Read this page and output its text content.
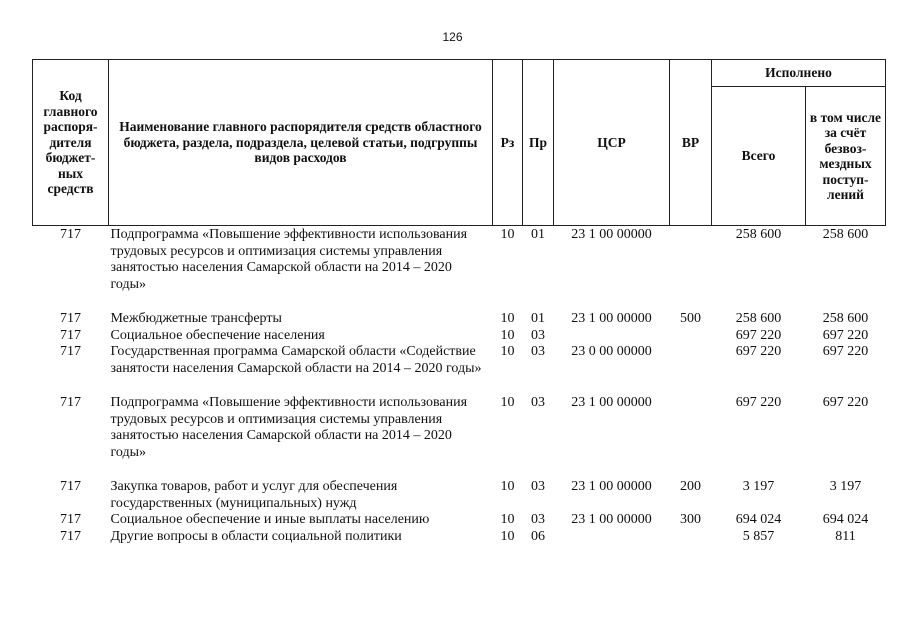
126
Код главного распоря-дителя бюджет-ных средств	Наименование главного распорядителя средств областного бюджета, раздела, подраздела, целевой статьи, подгруппы видов расходов	Рз	Пр	ЦСР	ВР	Исполнено	
						Всего	в том числе за счёт безвоз-мездных поступ-лений
717	Подпрограмма «Повышение эффективности использования трудовых ресурсов и оптимизация системы управления занятостью населения Самарской области на 2014 – 2020 годы»	10	01	23 1 00 00000		258 600	258 600
717	Межбюджетные трансферты	10	01	23 1 00 00000	500	258 600	258 600
717	Социальное обеспечение населения	10	03			697 220	697 220
717	Государственная программа Самарской области «Содействие занятости населения Самарской области на 2014 – 2020 годы»	10	03	23 0 00 00000		697 220	697 220
717	Подпрограмма «Повышение эффективности использования трудовых ресурсов и оптимизация системы управления занятостью населения Самарской области на 2014 – 2020 годы»	10	03	23 1 00 00000		697 220	697 220
717	Закупка товаров, работ и услуг для обеспечения государственных (муниципальных) нужд	10	03	23 1 00 00000	200	3 197	3 197
717	Социальное обеспечение и иные выплаты населению	10	03	23 1 00 00000	300	694 024	694 024
717	Другие вопросы в области социальной политики	10	06			5 857	811
